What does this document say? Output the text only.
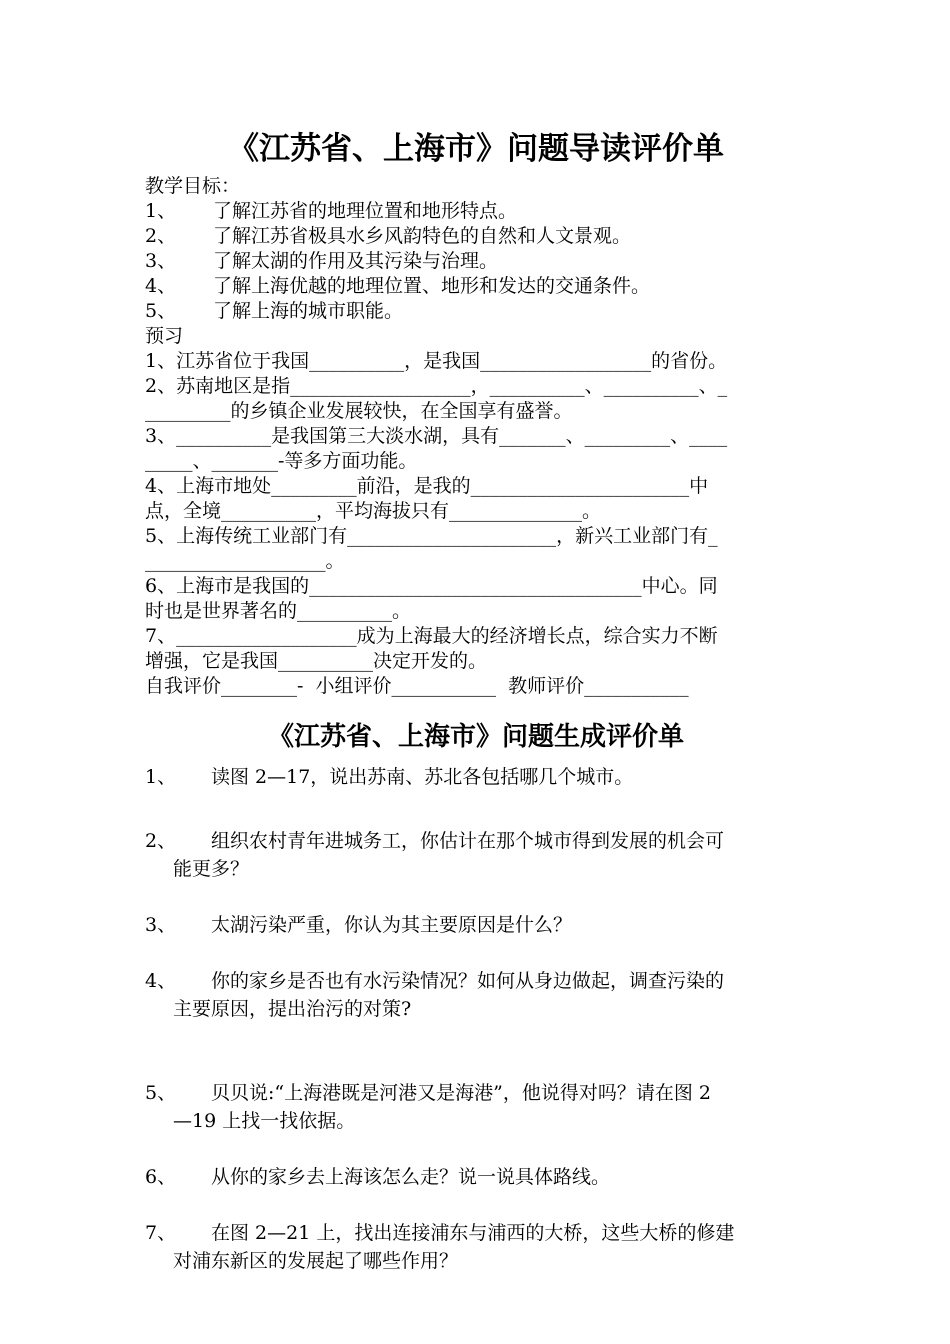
《江苏省、上海市》问题导读评价单
教学目标：
1、	了解江苏省的地理位置和地形特点。
2、	了解江苏省极具水乡风韵特色的自然和人文景观。
3、	了解太湖的作用及其污染与治理。
4、	了解上海优越的地理位置、地形和发达的交通条件。
5、	了解上海的城市职能。
预习
1、江苏省位于我国__________，是我国__________________的省份。
2、苏南地区是指___________________，__________、__________、_
_________的乡镇企业发展较快，在全国享有盛誉。
3、__________是我国第三大淡水湖，具有_______、_________、____
_____、_______-等多方面功能。
4、上海市地处_________前沿，是我的_______________________中
点，全境__________，平均海拔只有______________。
5、上海传统工业部门有______________________，新兴工业部门有_
___________________。
6、上海市是我国的___________________________________中心。同
时也是世界著名的__________。
7、___________________成为上海最大的经济增长点，综合实力不断
增强，它是我国__________决定开发的。
自我评价________-  小组评价___________  教师评价___________
《江苏省、上海市》问题生成评价单
1、	读图 2—17，说出苏南、苏北各包括哪几个城市。
2、	组织农村青年进城务工，你估计在那个城市得到发展的机会可
能更多？
3、	太湖污染严重，你认为其主要原因是什么？
4、	你的家乡是否也有水污染情况？如何从身边做起，调查污染的
主要原因，提出治污的对策?
5、	贝贝说:“上海港既是河港又是海港”，他说得对吗？请在图 2
—19 上找一找依据。
6、	从你的家乡去上海该怎么走？说一说具体路线。
7、	在图 2—21 上，找出连接浦东与浦西的大桥，这些大桥的修建
对浦东新区的发展起了哪些作用？
